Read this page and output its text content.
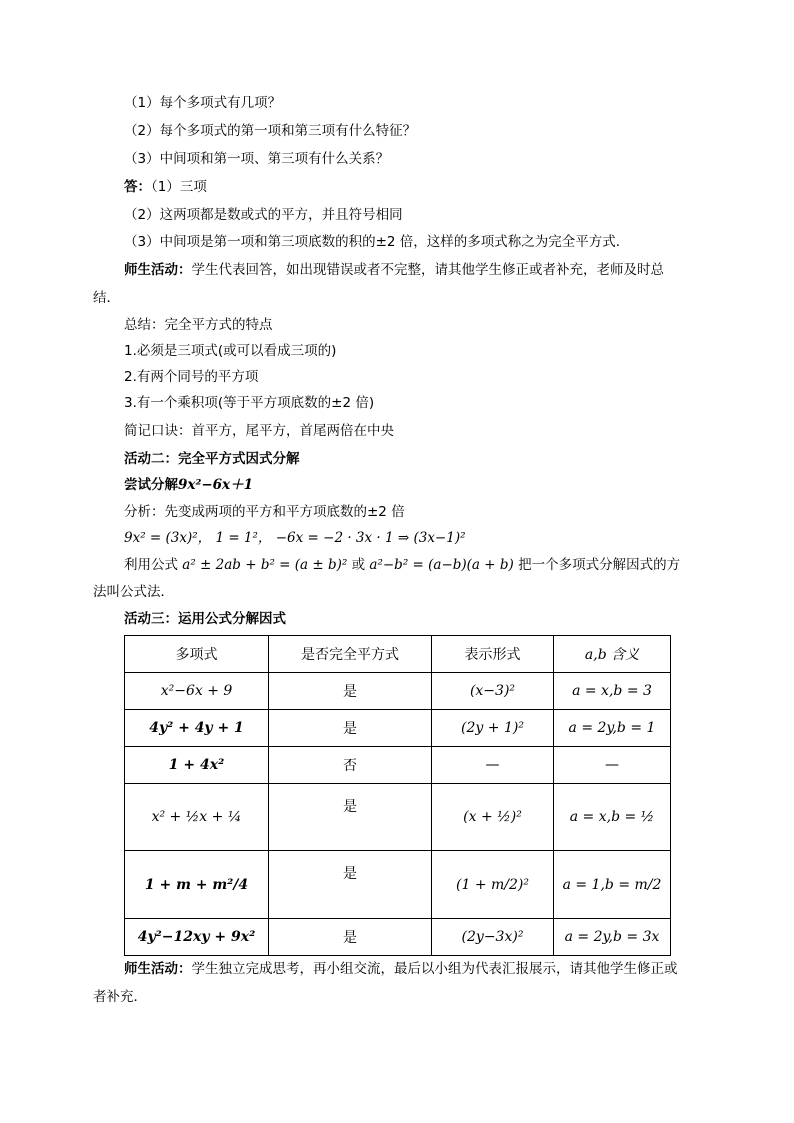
（1）每个多项式有几项？
（2）每个多项式的第一项和第三项有什么特征？
（3）中间项和第一项、第三项有什么关系？
答：（1）三项
（2）这两项都是数或式的平方，并且符号相同
（3）中间项是第一项和第三项底数的积的±2 倍，这样的多项式称之为完全平方式．
师生活动：学生代表回答，如出现错误或者不完整，请其他学生修正或者补充，老师及时总
结．
总结：完全平方式的特点
1.必须是三项式(或可以看成三项的)
2.有两个同号的平方项
3.有一个乘积项(等于平方项底数的±2 倍)
简记口诀：首平方，尾平方，首尾两倍在中央
活动二：完全平方式因式分解
尝试分解9x²−6x＋1
分析：先变成两项的平方和平方项底数的±2 倍
9x² = (3x)²， 1 = 1²， −6x = −2 · 3x · 1 ⇒ (3x−1)²
利用公式 a² ± 2ab + b² = (a ± b)² 或 a²−b² = (a−b)(a + b) 把一个多项式分解因式的方
法叫公式法．
活动三：运用公式分解因式
多项式	是否完全平方式	表示形式	a,b 含义
x²−6x + 9	是	(x−3)²	a = x,b = 3
4y² + 4y + 1	是	(2y + 1)²	a = 2y,b = 1
1 + 4x²	否	—	—
x² + ½x + ¼	是	(x + ½)²	a = x,b = ½
1 + m + m²/4	是	(1 + m/2)²	a = 1,b = m/2
4y²−12xy + 9x²	是	(2y−3x)²	a = 2y,b = 3x
师生活动：学生独立完成思考，再小组交流，最后以小组为代表汇报展示，请其他学生修正或
者补充．
